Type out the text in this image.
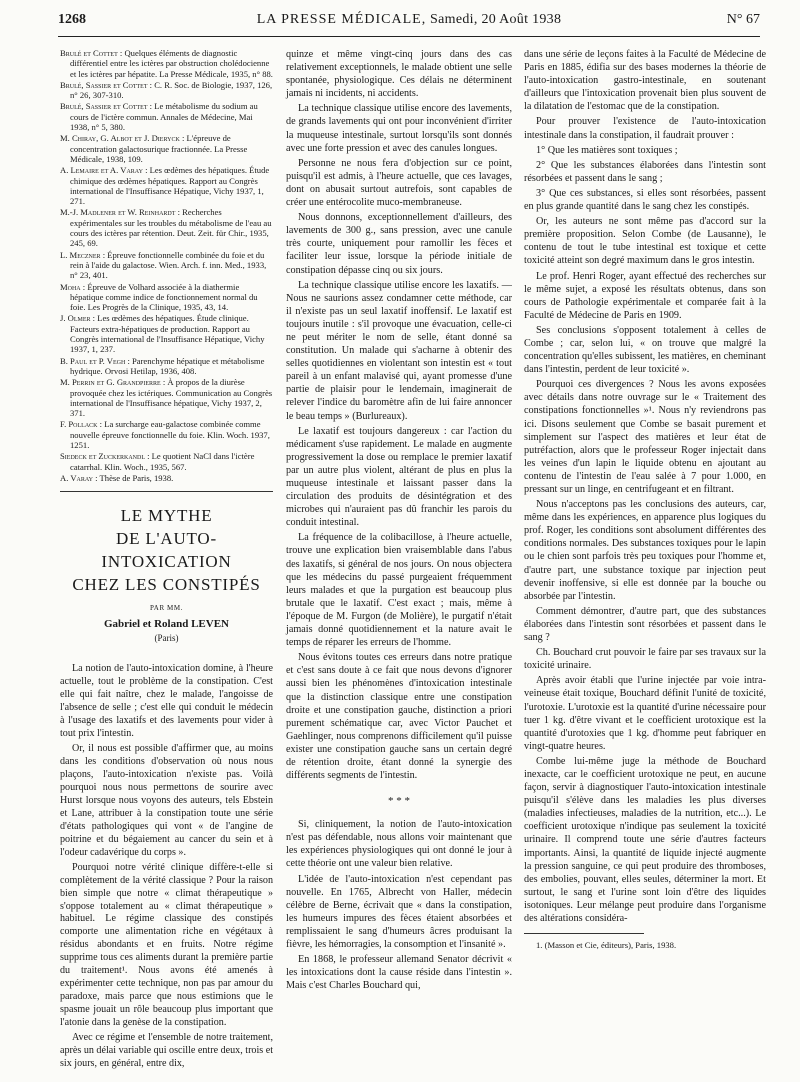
1268	LA PRESSE MÉDICALE, Samedi, 20 Août 1938	N° 67

Brulé et Cottet : Quelques éléments de diagnostic différentiel entre les ictères par obstruction cholédocienne et les ictères par hépatite. La Presse Médicale, 1935, n° 88.

Brulé, Sassier et Cottet : C. R. Soc. de Biologie, 1937, 126, n° 26, 307-310.

Brulé, Sassier et Cottet : Le métabolisme du sodium au cours de l'ictère commun. Annales de Médecine, Mai 1938, n° 5, 380.

M. Chiray, G. Albot et J. Dieryck : L'épreuve de concentration galactosurique fractionnée. La Presse Médicale, 1938, 109.

A. Lemaire et A. Varay : Les œdèmes des hépatiques. Étude chimique des œdèmes hépatiques. Rapport au Congrès international de l'Insuffisance Hépatique, Vichy 1937, 1, 271.

M.-J. Madlener et W. Reinhardt : Recherches expérimentales sur les troubles du métabolisme de l'eau au cours des ictères par rétention. Deut. Zeit. für Chir., 1935, 245, 69.

L. Meczner : Épreuve fonctionnelle combinée du foie et du rein à l'aide du galactose. Wien. Arch. f. inn. Med., 1933, n° 23, 401.

Moha : Épreuve de Volhard associée à la diathermie hépatique comme indice de fonctionnement normal du foie. Les Progrès de la Clinique, 1935, 43, 14.

J. Olmer : Les œdèmes des hépatiques. Étude clinique. Facteurs extra-hépatiques de production. Rapport au Congrès international de l'Insuffisance Hépatique, Vichy 1937, 1, 237.

B. Paul et P. Vegh : Parenchyme hépatique et métabolisme hydrique. Orvosi Hetilap, 1936, 408.

M. Perrin et G. Grandpierre : À propos de la diurèse provoquée chez les ictériques. Communication au Congrès international de l'Insuffisance hépatique, Vichy 1937, 2, 371.

F. Pollack : La surcharge eau-galactose combinée comme nouvelle épreuve fonctionnelle du foie. Klin. Woch. 1937, 1251.

Siedeck et Zuckerkandl : Le quotient NaCl dans l'ictère catarrhal. Klin. Woch., 1935, 567.

A. Varay : Thèse de Paris, 1938.

LE MYTHE
DE L'AUTO-INTOXICATION
CHEZ LES CONSTIPÉS
PAR MM.
Gabriel et Roland LEVEN
(Paris)

La notion de l'auto-intoxication domine, à l'heure actuelle, tout le problème de la constipation. C'est elle qui fait naître, chez le malade, l'angoisse de l'absence de selle ; c'est elle qui conduit le médecin à l'usage des laxatifs et des lavements pour vider à tout prix l'intestin.

Or, il nous est possible d'affirmer que, au moins dans les conditions d'observation où nous nous plaçons, l'auto-intoxication n'existe pas. Voilà pourquoi nous nous permettons de sourire avec Hurst lorsque nous voyons des auteurs, tels Ebstein et Lane, attribuer à la constipation toute une série d'états pathologiques qui vont « de l'angine de poitrine et du bégaiement au cancer du sein et à l'odeur cadavérique du corps ».

Pourquoi notre vérité clinique diffère-t-elle si complètement de la vérité classique ? Pour la raison bien simple que notre « climat thérapeutique » s'oppose totalement au « climat thérapeutique » habituel. Le régime classique des constipés comporte une alimentation riche en végétaux à résidus abondants et en fruits. Notre régime supprime tous ces aliments durant la première partie du traitement¹. Nous avons été amenés à expérimenter cette technique, non pas par amour du paradoxe, mais parce que nous estimions que le spasme jouait un rôle beaucoup plus important que l'atonie dans la genèse de la constipation.

Avec ce régime et l'ensemble de notre traitement, après un délai variable qui oscille entre deux, trois et six jours, en général, entre dix,

quinze et même vingt-cinq jours dans des cas relativement exceptionnels, le malade obtient une selle spontanée, physiologique. Ces délais ne déterminent jamais ni incidents, ni accidents.

La technique classique utilise encore des lavements, de grands lavements qui ont pour inconvénient d'irriter la muqueuse intestinale, surtout lorsqu'ils sont donnés avec une forte pression et avec des canules longues.

Personne ne nous fera d'objection sur ce point, puisqu'il est admis, à l'heure actuelle, que ces lavages, dont on abusait surtout autrefois, sont capables de créer une entérocolite muco-membraneuse.

Nous donnons, exceptionnellement d'ailleurs, des lavements de 300 g., sans pression, avec une canule très courte, uniquement pour ramollir les fèces et faciliter leur issue, lorsque la période initiale de constipation dépasse cinq ou six jours.

La technique classique utilise encore les laxatifs. — Nous ne saurions assez condamner cette méthode, car il n'existe pas un seul laxatif inoffensif. Le laxatif est toujours inutile : s'il provoque une évacuation, celle-ci ne peut mériter le nom de selle, étant donné sa constitution. Un malade qui s'acharne à obtenir des selles quotidiennes en violentant son intestin est « tout pareil à un enfant malavisé qui, ayant promesse d'une partie de plaisir pour le lendemain, imaginerait de relever l'indice du baromètre afin de lui faire annoncer le beau temps » (Burlureaux).

Le laxatif est toujours dangereux : car l'action du médicament s'use rapidement. Le malade en augmente progressivement la dose ou remplace le premier laxatif par un autre plus violent, altérant de plus en plus la muqueuse intestinale et laissant passer dans la circulation des produits de désintégration et des microbes qui n'auraient pas dû franchir les parois du conduit intestinal.

La fréquence de la colibacillose, à l'heure actuelle, trouve une explication bien vraisemblable dans l'abus des laxatifs, si général de nos jours. On nous objectera que les médecins du passé purgeaient fréquemment leurs malades et que la purgation est beaucoup plus brutale que le laxatif. C'est exact ; mais, même à l'époque de M. Furgon (de Molière), le purgatif n'était jamais donné quotidiennement et la nature avait le temps de réparer les erreurs de l'homme.

Nous évitons toutes ces erreurs dans notre pratique et c'est sans doute à ce fait que nous devons d'ignorer aussi bien les phénomènes d'intoxication intestinale que la distinction classique entre une constipation droite et une constipation gauche, distinction a priori purement schématique car, avec Victor Pauchet et Gaehlinger, nous comprenons difficilement qu'il puisse exister une constipation gauche sans un certain degré de rétention droite, étant donné la synergie des différents segments de l'intestin.

* * *

Si, cliniquement, la notion de l'auto-intoxication n'est pas défendable, nous allons voir maintenant que les expériences physiologiques qui ont donné le jour à cette théorie ont une valeur bien relative.

L'idée de l'auto-intoxication n'est cependant pas nouvelle. En 1765, Albrecht von Haller, médecin célèbre de Berne, écrivait que « dans la constipation, les humeurs impures des fèces étaient absorbées et remplissaient le sang d'humeurs âcres produisant la fièvre, les hémorragies, la consomption et l'insanité ».

En 1868, le professeur allemand Senator décrivit « les intoxications dont la cause réside dans l'intestin ». Mais c'est Charles Bouchard qui,

dans une série de leçons faites à la Faculté de Médecine de Paris en 1885, édifia sur des bases modernes la théorie de l'auto-intoxication gastro-intestinale, en soutenant d'ailleurs que l'intoxication provenait bien plus souvent de la dilatation de l'estomac que de la constipation.

Pour prouver l'existence de l'auto-intoxication intestinale dans la constipation, il faudrait prouver :

1° Que les matières sont toxiques ;

2° Que les substances élaborées dans l'intestin sont résorbées et passent dans le sang ;

3° Que ces substances, si elles sont résorbées, passent en plus grande quantité dans le sang chez les constipés.

Or, les auteurs ne sont même pas d'accord sur la première proposition. Selon Combe (de Lausanne), le contenu de tout le tube intestinal est toxique et cette toxicité atteint son degré maximum dans le gros intestin.

Le prof. Henri Roger, ayant effectué des recherches sur le même sujet, a exposé les résultats obtenus, dans son cours de Pathologie expérimentale et comparée fait à la Faculté de Médecine de Paris en 1909.

Ses conclusions s'opposent totalement à celles de Combe ; car, selon lui, « on trouve que malgré la concentration qu'elles subissent, les matières, en cheminant dans l'intestin, perdent de leur toxicité ».

Pourquoi ces divergences ? Nous les avons exposées avec détails dans notre ouvrage sur le « Traitement des constipations fonctionnelles »¹. Nous n'y reviendrons pas ici. Disons seulement que Combe se basait purement et simplement sur l'aspect des matières et leur état de putréfaction, alors que le professeur Roger injectait dans les veines d'un lapin le liquide obtenu en ajoutant au contenu de l'intestin de l'eau salée à 7 pour 1.000, en pressant sur un linge, en centrifugeant et en filtrant.

Nous n'acceptons pas les conclusions des auteurs, car, même dans les expériences, en apparence plus logiques du prof. Roger, les conditions sont absolument différentes des conditions normales. Des substances toxiques pour le lapin ou le chien sont parfois très peu toxiques pour l'homme et, d'autre part, une substance toxique par injection peut devenir inoffensive, si elle est donnée par la bouche ou absorbée par l'intestin.

Comment démontrer, d'autre part, que des substances élaborées dans l'intestin sont résorbées et passent dans le sang ?

Ch. Bouchard crut pouvoir le faire par ses travaux sur la toxicité urinaire.

Après avoir établi que l'urine injectée par voie intra-veineuse était toxique, Bouchard définit l'unité de toxicité, l'urotoxie. L'urotoxie est la quantité d'urine nécessaire pour tuer 1 kg. d'être vivant et le coefficient urotoxique est la quantité d'urotoxies que 1 kg. d'homme peut fabriquer en vingt-quatre heures.

Combe lui-même juge la méthode de Bouchard inexacte, car le coefficient urotoxique ne peut, en aucune façon, servir à diagnostiquer l'auto-intoxication intestinale puisqu'il s'élève dans les maladies les plus diverses (maladies infectieuses, maladies de la nutrition, etc...). Le coefficient urotoxique n'indique pas seulement la toxicité urinaire. Il comprend toute une série d'autres facteurs importants. Ainsi, la quantité de liquide injecté augmente la pression sanguine, ce qui peut produire des thromboses, des embolies, pouvant, elles seules, déterminer la mort. Et surtout, le sang et l'urine sont loin d'être des liquides isotoniques. Leur mélange peut produire dans l'organisme des altérations considéra-

1. (Masson et Cie, éditeurs), Paris, 1938.
